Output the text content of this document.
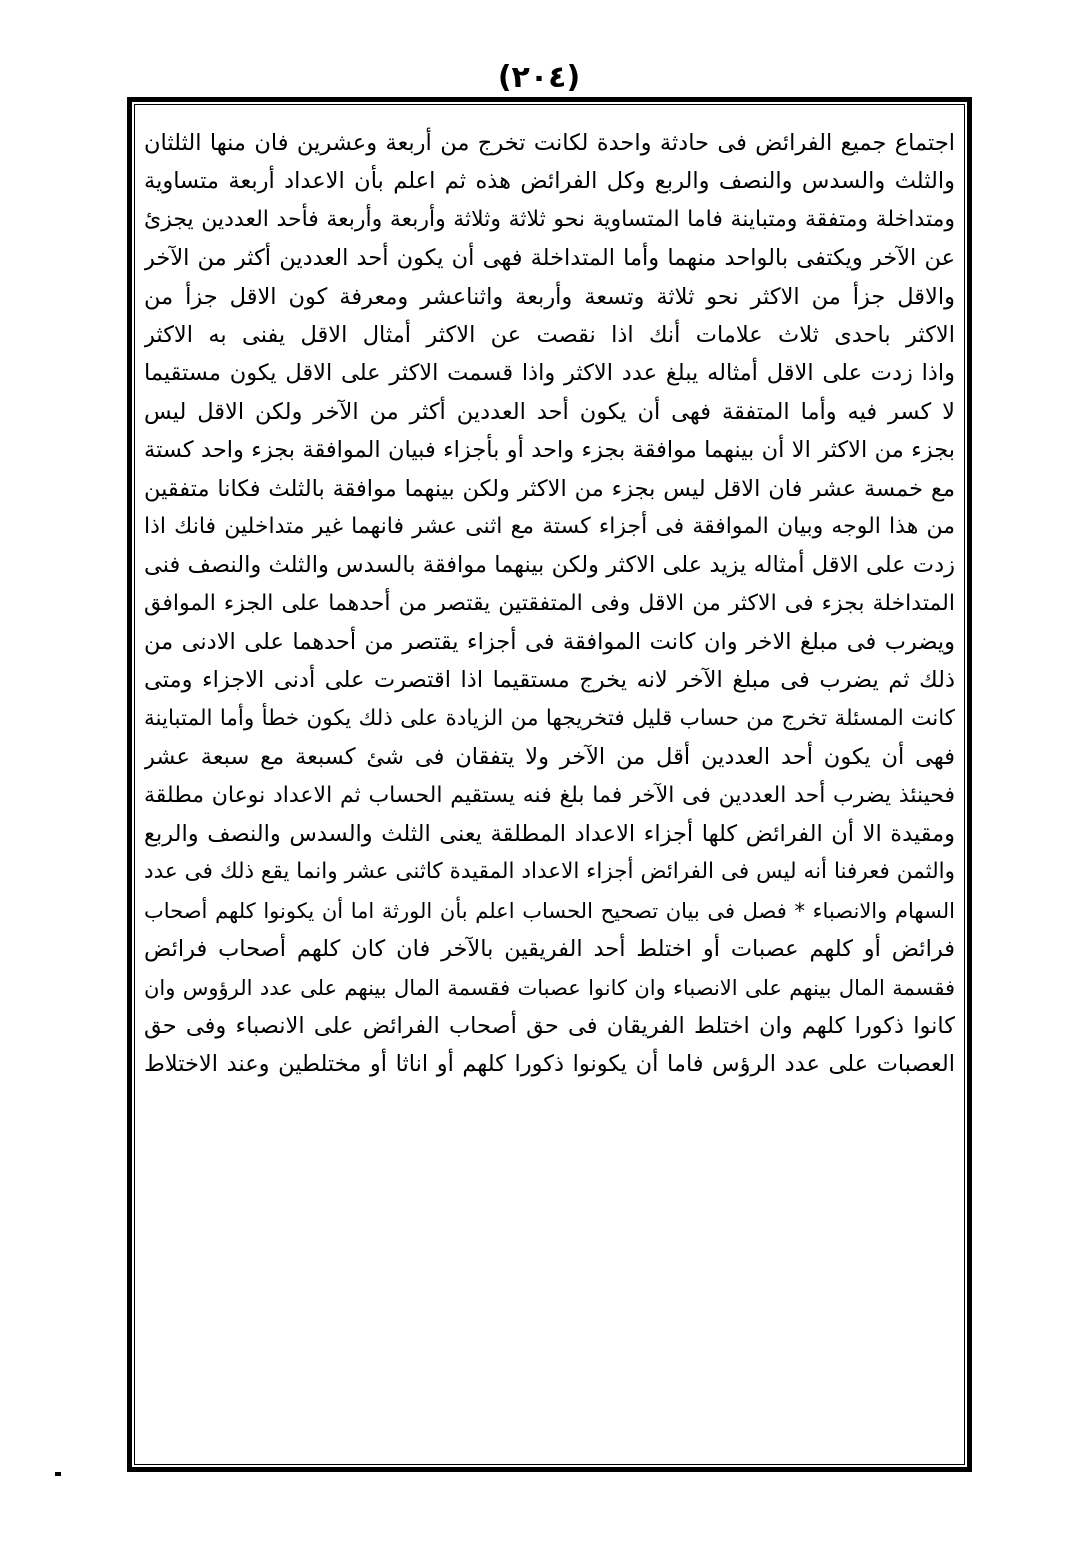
(٢٠٤)
اجتماع جميع الفرائض فى حادثة واحدة لكانت تخرج من أربعة وعشرين فان منها الثلثان
والثلث والسدس والنصف والربع وكل الفرائض هذه ثم اعلم بأن الاعداد أربعة متساوية
ومتداخلة ومتفقة ومتباينة فاما المتساوية نحو ثلاثة وثلاثة وأربعة وأربعة فأحد العددين يجزئ
عن الآخر ويكتفى بالواحد منهما وأما المتداخلة فهى أن يكون أحد العددين أكثر من الآخر
والاقل جزأ من الاكثر نحو ثلاثة وتسعة وأربعة واثناعشر ومعرفة كون الاقل جزأ من
الاكثر باحدى ثلاث علامات أنك اذا نقصت عن الاكثر أمثال الاقل يفنى به الاكثر
واذا زدت على الاقل أمثاله يبلغ عدد الاكثر واذا قسمت الاكثر على الاقل يكون مستقيما
لا كسر فيه وأما المتفقة فهى أن يكون أحد العددين أكثر من الآخر ولكن الاقل ليس
بجزء من الاكثر الا أن بينهما موافقة بجزء واحد أو بأجزاء فبيان الموافقة بجزء واحد كستة
مع خمسة عشر فان الاقل ليس بجزء من الاكثر ولكن بينهما موافقة بالثلث فكانا متفقين
من هذا الوجه وبيان الموافقة فى أجزاء كستة مع اثنى عشر فانهما غير متداخلين فانك اذا
زدت على الاقل أمثاله يزيد على الاكثر ولكن بينهما موافقة بالسدس والثلث والنصف فنى
المتداخلة بجزء فى الاكثر من الاقل وفى المتفقتين يقتصر من أحدهما على الجزء الموافق
ويضرب فى مبلغ الاخر وان كانت الموافقة فى أجزاء يقتصر من أحدهما على الادنى من
ذلك ثم يضرب فى مبلغ الآخر لانه يخرج مستقيما اذا اقتصرت على أدنى الاجزاء ومتى
كانت المسئلة تخرج من حساب قليل فتخريجها من الزيادة على ذلك يكون خطأ وأما المتباينة
فهى أن يكون أحد العددين أقل من الآخر ولا يتفقان فى شئ كسبعة مع سبعة عشر
فحينئذ يضرب أحد العددين فى الآخر فما بلغ فنه يستقيم الحساب ثم الاعداد نوعان مطلقة
ومقيدة الا أن الفرائض كلها أجزاء الاعداد المطلقة يعنى الثلث والسدس والنصف والربع
والثمن فعرفنا أنه ليس فى الفرائض أجزاء الاعداد المقيدة كاثنى عشر وانما يقع ذلك فى عدد
السهام والانصباء * فصل فى بيان تصحيح الحساب اعلم بأن الورثة اما أن يكونوا كلهم أصحاب
فرائض أو كلهم عصبات أو اختلط أحد الفريقين بالآخر فان كان كلهم أصحاب فرائض
فقسمة المال بينهم على الانصباء وان كانوا عصبات فقسمة المال بينهم على عدد الرؤوس وان
كانوا ذكورا كلهم وان اختلط الفريقان فى حق أصحاب الفرائض على الانصباء وفى حق
العصبات على عدد الرؤس فاما أن يكونوا ذكورا كلهم أو اناثا أو مختلطين وعند الاختلاط
